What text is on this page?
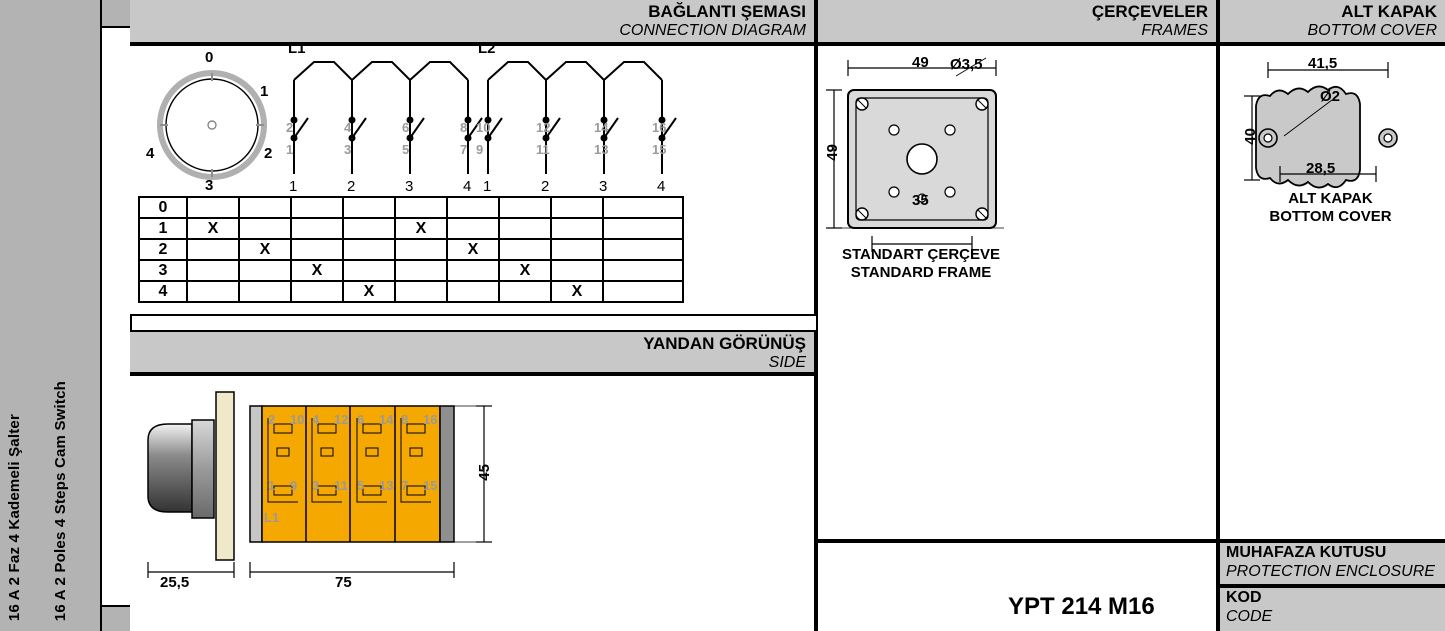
16 A 2 Faz 4 Kademeli Şalter 16 A 2 Poles 4 Steps Cam Switch
BAĞLANTI ŞEMASI
CONNECTION DIAGRAM
0
1
2
3
4
L1	L2
2	4	6	8 10	12	14	16
1	3	5	7 9	11	13	15
1	2	3	4 1	2	3	4
0									
1	X				X				
2		X				X			
3			X				X		
4				X				X	
YANDAN GÖRÜNÜŞ
SIDE
2	4	6	8
10 12 14 16
1	3	5	7
9	11 13 15
L1
25,5	75
45
ÇERÇEVELER
FRAMES
49
49
Ø3,5
35
STANDART ÇERÇEVE
STANDARD FRAME
ALT KAPAK
BOTTOM COVER
41,5
40
Ø2
28,5
ALT KAPAK
BOTTOM COVER
YPT 214 M16
MUHAFAZA KUTUSU
PROTECTION ENCLOSURE
KOD
CODE
